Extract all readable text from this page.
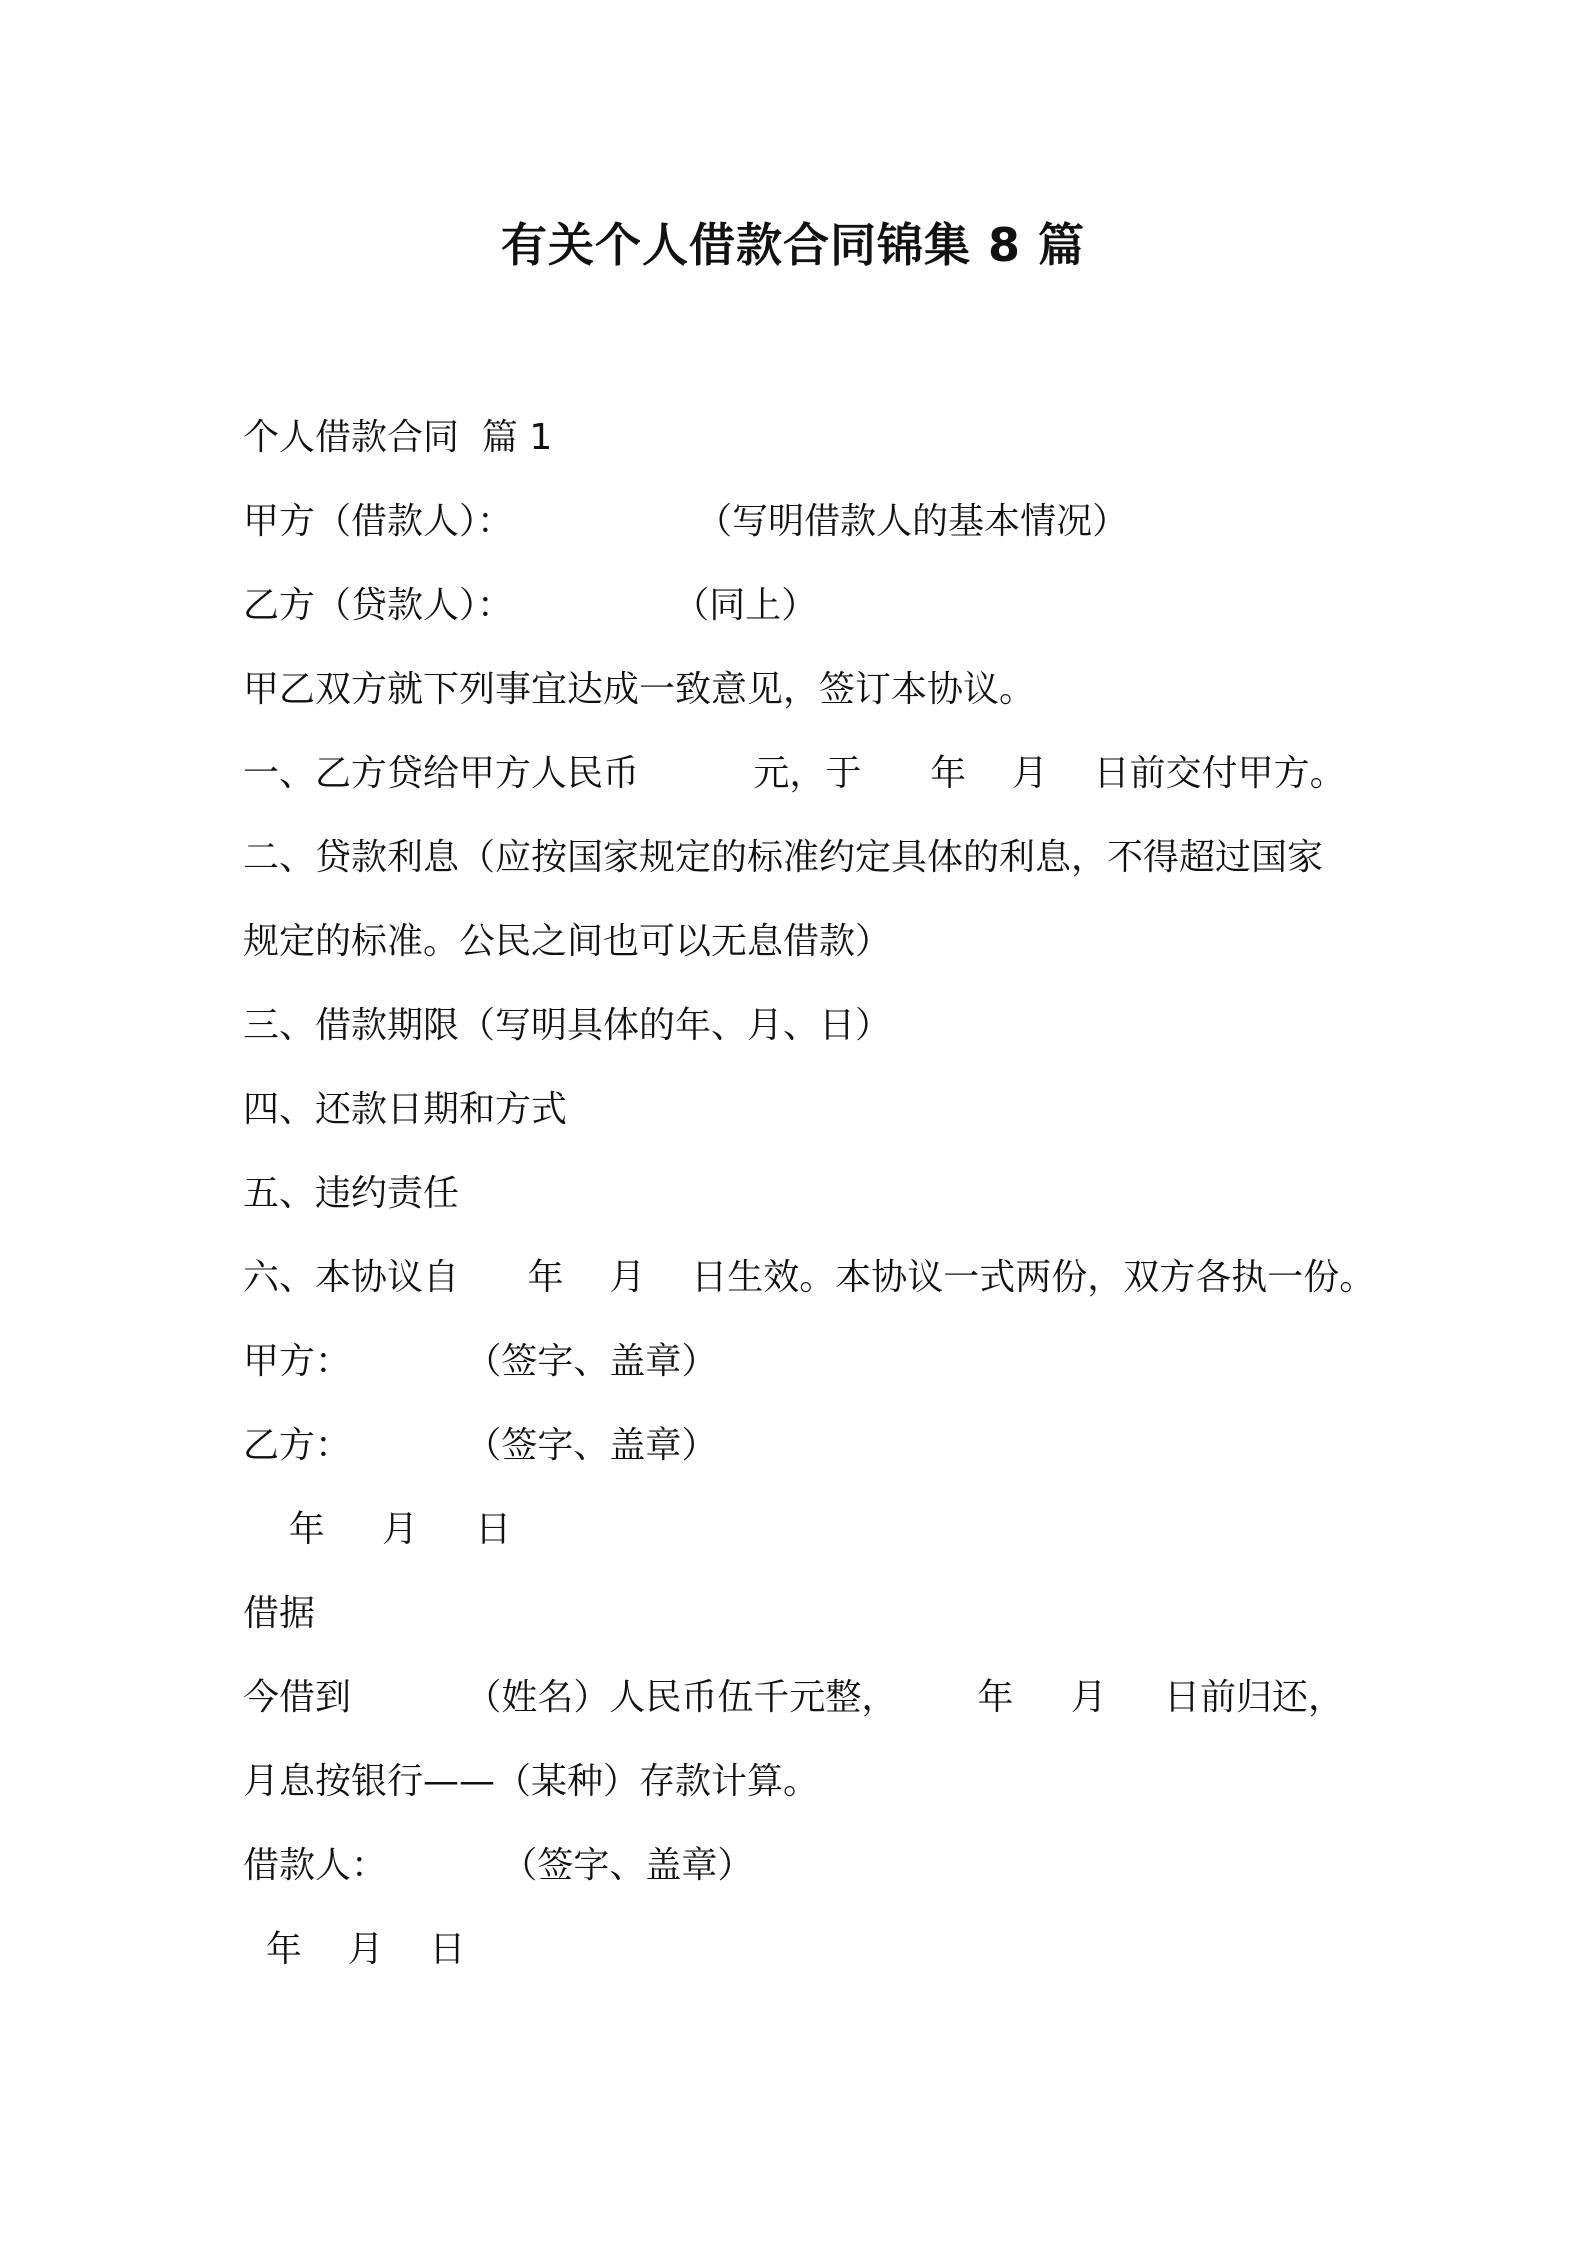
有关个人借款合同锦集 8 篇
个人借款合同  篇 1
甲方（借款人）：                （写明借款人的基本情况）
乙方（贷款人）：              （同上）
甲乙双方就下列事宜达成一致意见，签订本协议。
一、乙方贷给甲方人民币          元，于      年    月    日前交付甲方。
二、贷款利息（应按国家规定的标准约定具体的利息，不得超过国家
规定的标准。公民之间也可以无息借款）
三、借款期限（写明具体的年、月、日）
四、还款日期和方式
五、违约责任
六、本协议自      年    月    日生效。本协议一式两份，双方各执一份。
甲方：          （签字、盖章）
乙方：          （签字、盖章）
年     月     日
借据
今借到          （姓名）人民币伍千元整，       年     月     日前归还，
月息按银行——（某种）存款计算。
借款人：          （签字、盖章）
年    月    日
